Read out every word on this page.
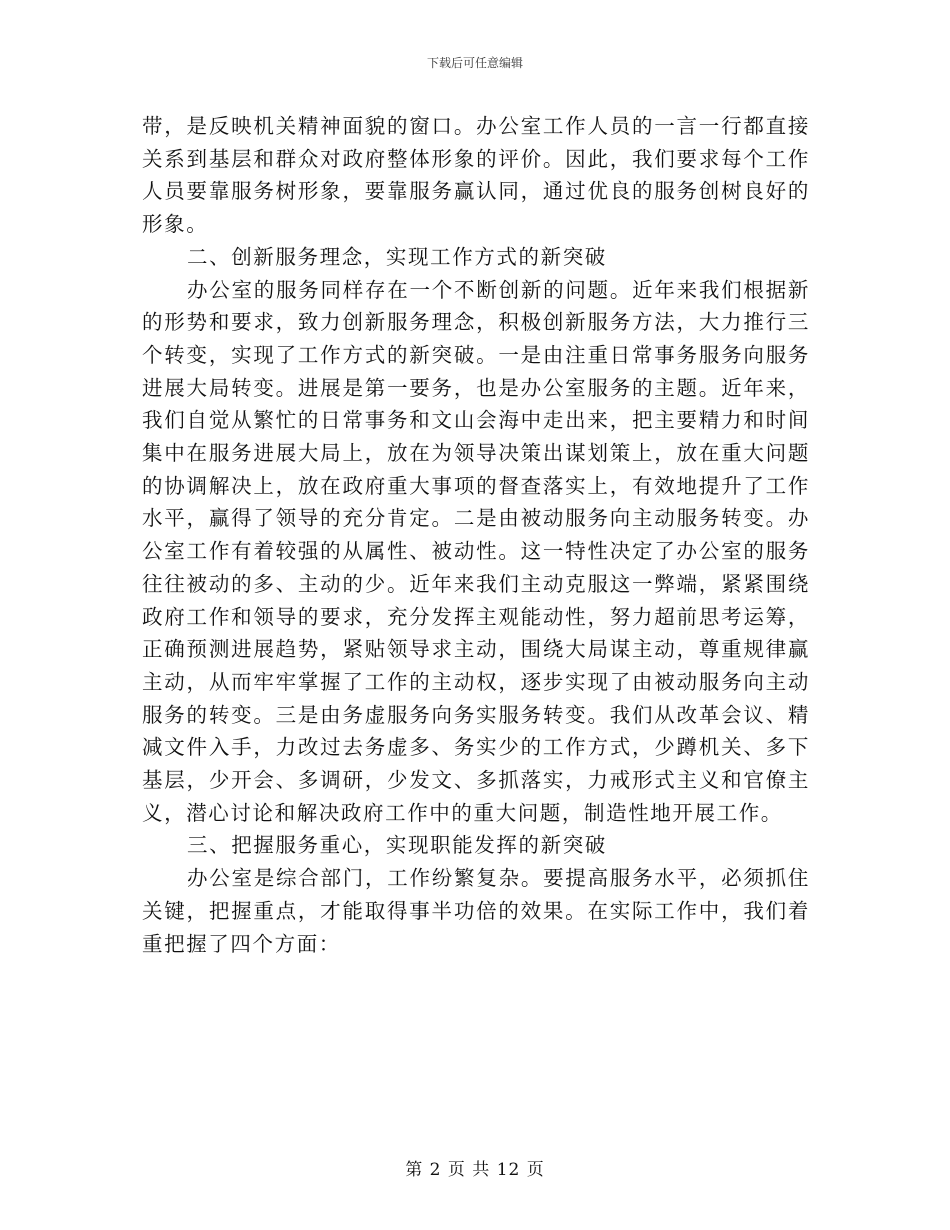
下载后可任意编辑

带，是反映机关精神面貌的窗口。办公室工作人员的一言一行都直接关系到基层和群众对政府整体形象的评价。因此，我们要求每个工作人员要靠服务树形象，要靠服务赢认同，通过优良的服务创树良好的形象。

二、创新服务理念，实现工作方式的新突破

办公室的服务同样存在一个不断创新的问题。近年来我们根据新的形势和要求，致力创新服务理念，积极创新服务方法，大力推行三个转变，实现了工作方式的新突破。一是由注重日常事务服务向服务进展大局转变。进展是第一要务，也是办公室服务的主题。近年来，我们自觉从繁忙的日常事务和文山会海中走出来，把主要精力和时间集中在服务进展大局上，放在为领导决策出谋划策上，放在重大问题的协调解决上，放在政府重大事项的督查落实上，有效地提升了工作水平，赢得了领导的充分肯定。二是由被动服务向主动服务转变。办公室工作有着较强的从属性、被动性。这一特性决定了办公室的服务往往被动的多、主动的少。近年来我们主动克服这一弊端，紧紧围绕政府工作和领导的要求，充分发挥主观能动性，努力超前思考运筹，正确预测进展趋势，紧贴领导求主动，围绕大局谋主动，尊重规律赢主动，从而牢牢掌握了工作的主动权，逐步实现了由被动服务向主动服务的转变。三是由务虚服务向务实服务转变。我们从改革会议、精减文件入手，力改过去务虚多、务实少的工作方式，少蹲机关、多下基层，少开会、多调研，少发文、多抓落实，力戒形式主义和官僚主义，潜心讨论和解决政府工作中的重大问题，制造性地开展工作。

三、把握服务重心，实现职能发挥的新突破

办公室是综合部门，工作纷繁复杂。要提高服务水平，必须抓住关键，把握重点，才能取得事半功倍的效果。在实际工作中，我们着重把握了四个方面：

第 2 页 共 12 页
